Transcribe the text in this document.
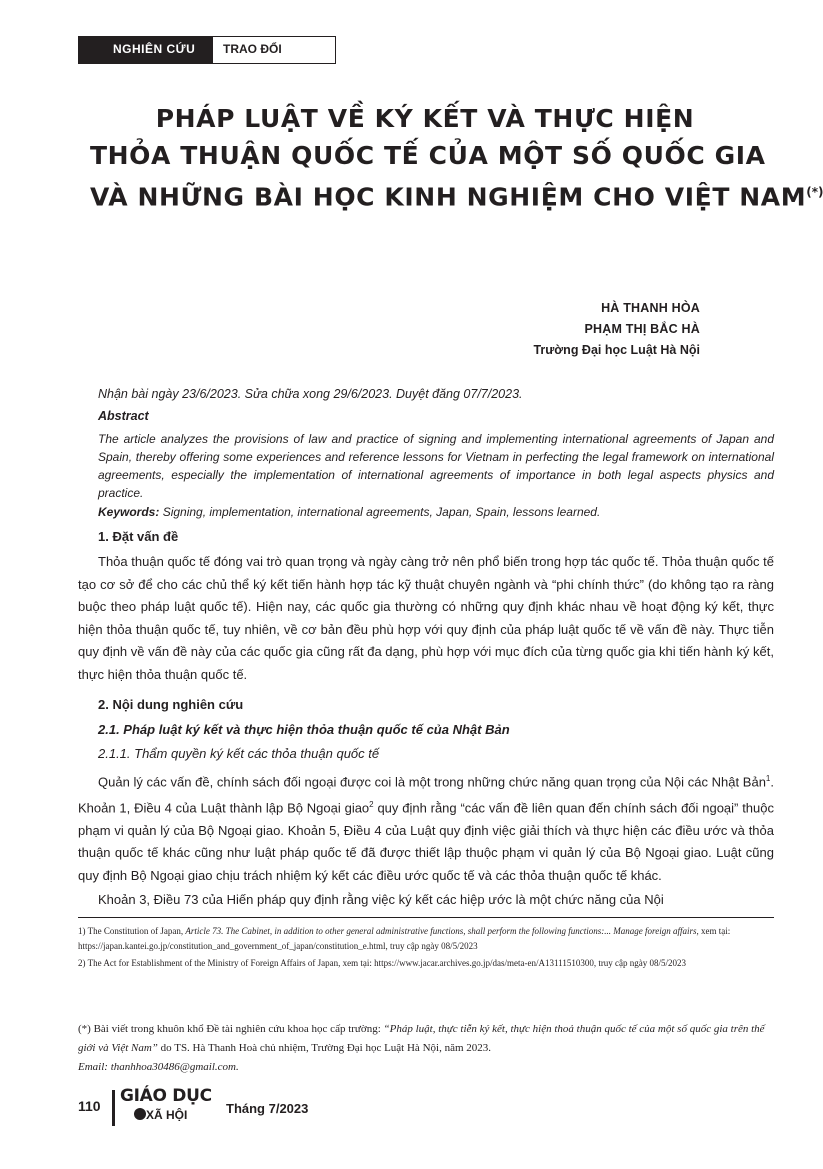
NGHIÊN CỨU	TRAO ĐỔI
PHÁP LUẬT VỀ KÝ KẾT VÀ THỰC HIỆN
THỎA THUẬN QUỐC TẾ CỦA MỘT SỐ QUỐC GIA
VÀ NHỮNG BÀI HỌC KINH NGHIỆM CHO VIỆT NAM(*)
HÀ THANH HÒA
PHẠM THỊ BẮC HÀ
Trường Đại học Luật Hà Nội
Nhận bài ngày 23/6/2023. Sửa chữa xong 29/6/2023. Duyệt đăng 07/7/2023.
Abstract

The article analyzes the provisions of law and practice of signing and implementing international agreements of Japan and Spain, thereby offering some experiences and reference lessons for Vietnam in perfecting the legal framework on international agreements, especially the implementation of international agreements of importance in both legal aspects physics and practice.

Keywords: Signing, implementation, international agreements, Japan, Spain, lessons learned.
1. Đặt vấn đề

Thỏa thuận quốc tế đóng vai trò quan trọng và ngày càng trở nên phổ biến trong hợp tác quốc tế. Thỏa thuận quốc tế tạo cơ sở để cho các chủ thể ký kết tiến hành hợp tác kỹ thuật chuyên ngành và “phi chính thức” (do không tạo ra ràng buộc theo pháp luật quốc tế). Hiện nay, các quốc gia thường có những quy định khác nhau về hoạt động ký kết, thực hiện thỏa thuận quốc tế, tuy nhiên, về cơ bản đều phù hợp với quy định của pháp luật quốc tế về vấn đề này. Thực tiễn quy định về vấn đề này của các quốc gia cũng rất đa dạng, phù hợp với mục đích của từng quốc gia khi tiến hành ký kết, thực hiện thỏa thuận quốc tế.

2. Nội dung nghiên cứu
2.1. Pháp luật ký kết và thực hiện thỏa thuận quốc tế của Nhật Bản
2.1.1. Thẩm quyền ký kết các thỏa thuận quốc tế

Quản lý các vấn đề, chính sách đối ngoại được coi là một trong những chức năng quan trọng của Nội các Nhật Bản$^1$. Khoản 1, Điều 4 của Luật thành lập Bộ Ngoại giao$^2$ quy định rằng “các vấn đề liên quan đến chính sách đối ngoại” thuộc phạm vi quản lý của Bộ Ngoại giao. Khoản 5, Điều 4 của Luật quy định việc giải thích và thực hiện các điều ước và thỏa thuận quốc tế khác cũng như luật pháp quốc tế đã được thiết lập thuộc phạm vi quản lý của Bộ Ngoại giao. Luật cũng quy định Bộ Ngoại giao chịu trách nhiệm ký kết các điều ước quốc tế và các thỏa thuận quốc tế khác.

Khoản 3, Điều 73 của Hiến pháp quy định rằng việc ký kết các hiệp ước là một chức năng của Nội

1) The Constitution of Japan, Article 73. The Cabinet, in addition to other general administrative functions, shall perform the following functions:... Manage foreign affairs, xem tại: https://japan.kantei.go.jp/constitution_and_government_of_japan/constitution_e.html, truy cập ngày 08/5/2023

2) The Act for Establishment of the Ministry of Foreign Affairs of Japan, xem tại: https://www.jacar.archives.go.jp/das/meta-en/A13111510300, truy cập ngày 08/5/2023

(*) Bài viết trong khuôn khổ Đề tài nghiên cứu khoa học cấp trường: “Pháp luật, thực tiễn ký kết, thực hiện thoả thuận quốc tế của một số quốc gia trên thế giới và Việt Nam” do TS. Hà Thanh Hoà chủ nhiệm, Trường Đại học Luật Hà Nội, năm 2023.

Email: thanhhoa30486@gmail.com.
110 GIÁO DỤC
XÃ HỘI	Tháng 7/2023
